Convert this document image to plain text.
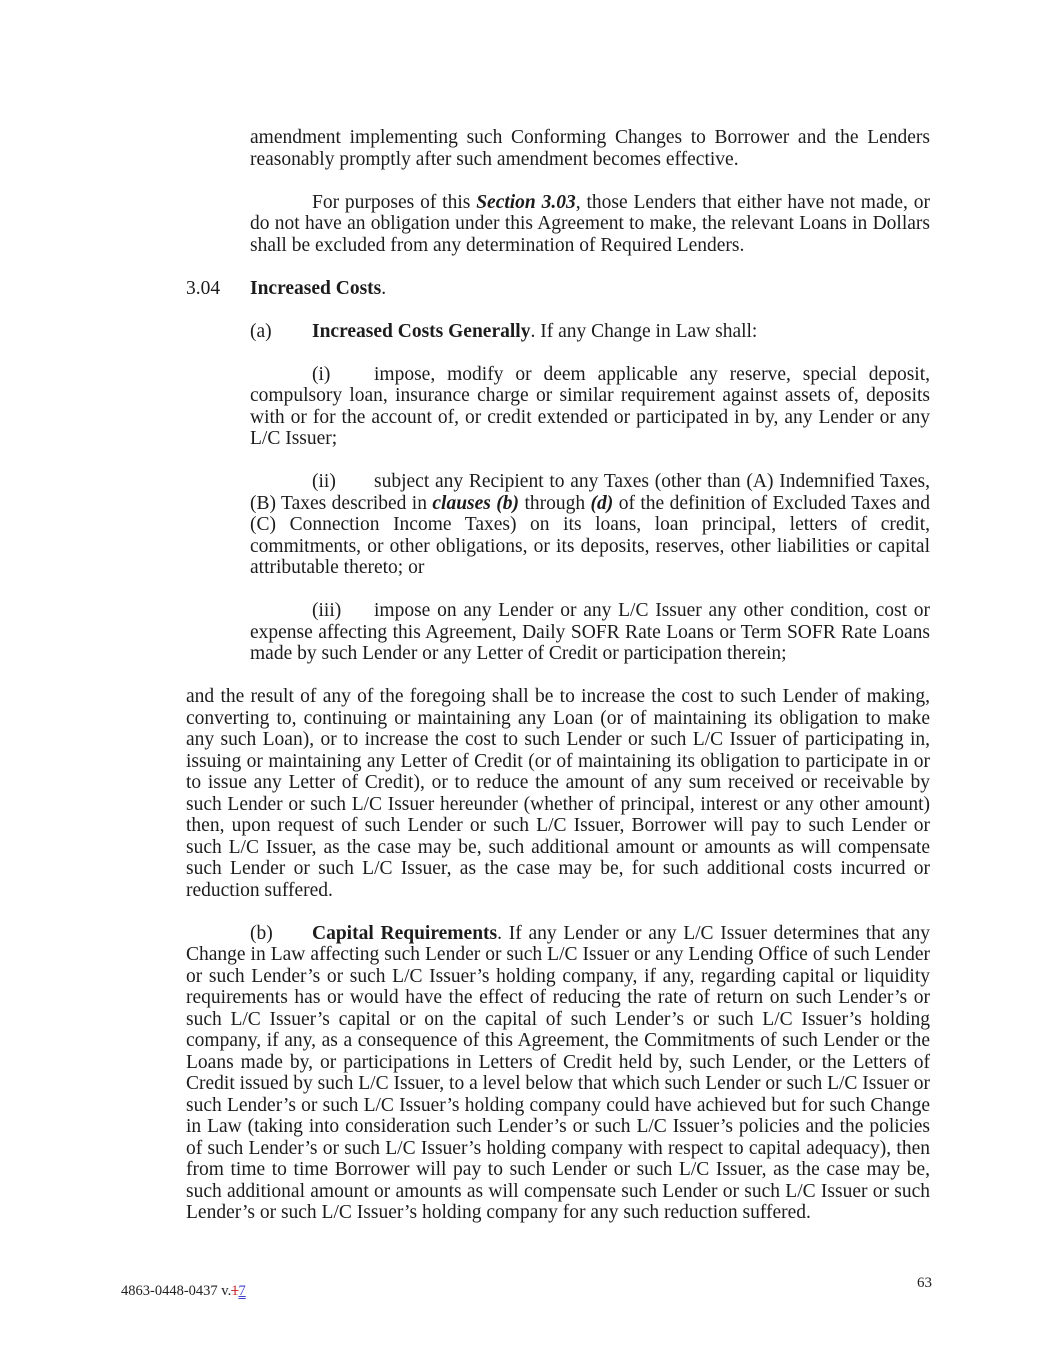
amendment implementing such Conforming Changes to Borrower and the Lenders reasonably promptly after such amendment becomes effective.

For purposes of this Section 3.03, those Lenders that either have not made, or do not have an obligation under this Agreement to make, the relevant Loans in Dollars shall be excluded from any determination of Required Lenders.

3.04 Increased Costs.

(a) Increased Costs Generally. If any Change in Law shall:

(i) impose, modify or deem applicable any reserve, special deposit, compulsory loan, insurance charge or similar requirement against assets of, deposits with or for the account of, or credit extended or participated in by, any Lender or any L/C Issuer;

(ii) subject any Recipient to any Taxes (other than (A) Indemnified Taxes, (B) Taxes described in clauses (b) through (d) of the definition of Excluded Taxes and (C) Connection Income Taxes) on its loans, loan principal, letters of credit, commitments, or other obligations, or its deposits, reserves, other liabilities or capital attributable thereto; or

(iii) impose on any Lender or any L/C Issuer any other condition, cost or expense affecting this Agreement, Daily SOFR Rate Loans or Term SOFR Rate Loans made by such Lender or any Letter of Credit or participation therein;

and the result of any of the foregoing shall be to increase the cost to such Lender of making, converting to, continuing or maintaining any Loan (or of maintaining its obligation to make any such Loan), or to increase the cost to such Lender or such L/C Issuer of participating in, issuing or maintaining any Letter of Credit (or of maintaining its obligation to participate in or to issue any Letter of Credit), or to reduce the amount of any sum received or receivable by such Lender or such L/C Issuer hereunder (whether of principal, interest or any other amount) then, upon request of such Lender or such L/C Issuer, Borrower will pay to such Lender or such L/C Issuer, as the case may be, such additional amount or amounts as will compensate such Lender or such L/C Issuer, as the case may be, for such additional costs incurred or reduction suffered.

(b) Capital Requirements. If any Lender or any L/C Issuer determines that any Change in Law affecting such Lender or such L/C Issuer or any Lending Office of such Lender or such Lender’s or such L/C Issuer’s holding company, if any, regarding capital or liquidity requirements has or would have the effect of reducing the rate of return on such Lender’s or such L/C Issuer’s capital or on the capital of such Lender’s or such L/C Issuer’s holding company, if any, as a consequence of this Agreement, the Commitments of such Lender or the Loans made by, or participations in Letters of Credit held by, such Lender, or the Letters of Credit issued by such L/C Issuer, to a level below that which such Lender or such L/C Issuer or such Lender’s or such L/C Issuer’s holding company could have achieved but for such Change in Law (taking into consideration such Lender’s or such L/C Issuer’s policies and the policies of such Lender’s or such L/C Issuer’s holding company with respect to capital adequacy), then from time to time Borrower will pay to such Lender or such L/C Issuer, as the case may be, such additional amount or amounts as will compensate such Lender or such L/C Issuer or such Lender’s or such L/C Issuer’s holding company for any such reduction suffered.

4863-0448-0437 v.17	63
